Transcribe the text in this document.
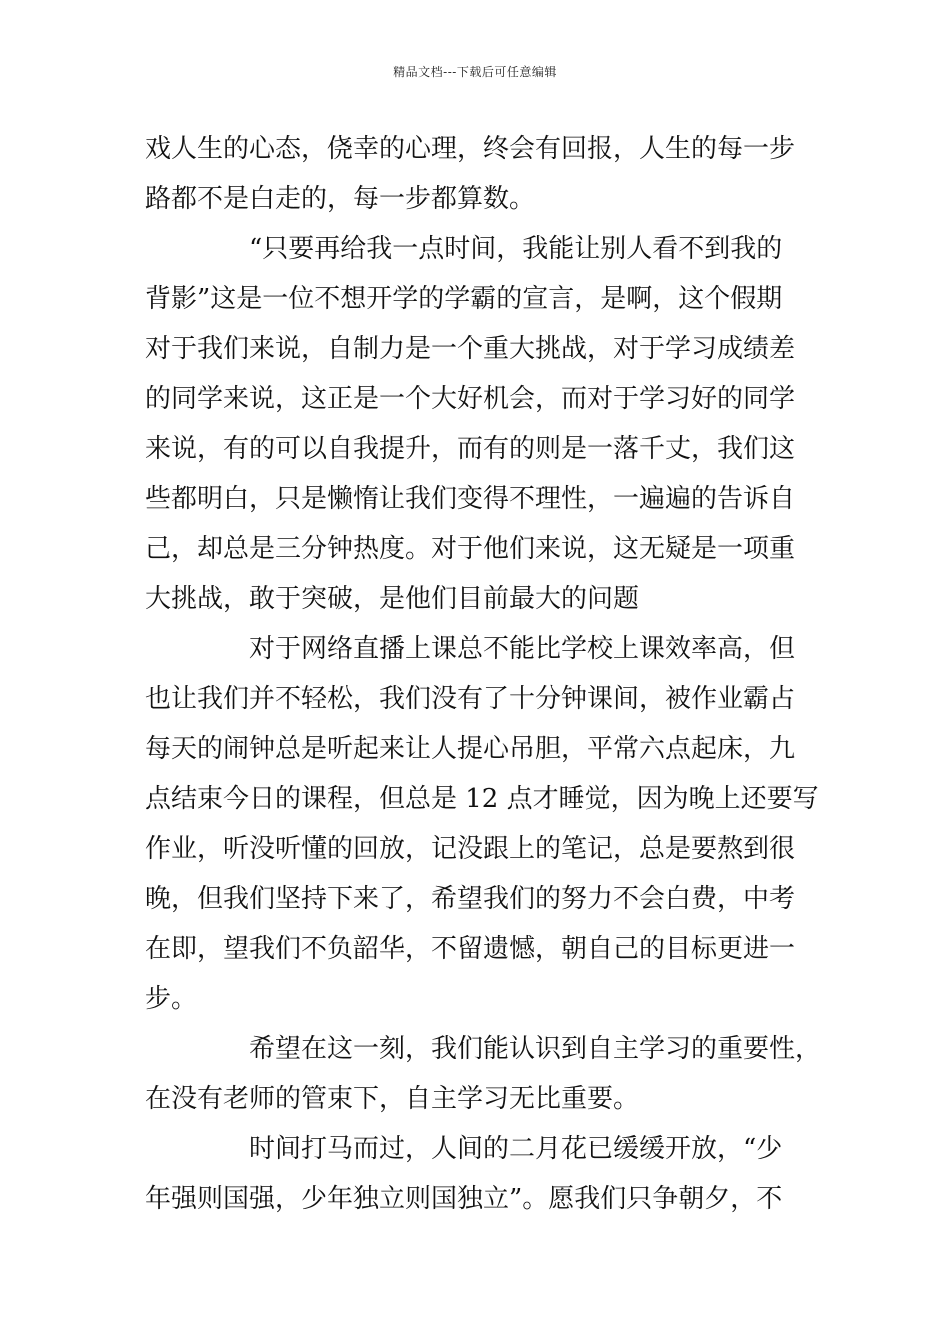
精品文档---下载后可任意编辑
戏人生的心态，侥幸的心理，终会有回报，人生的每一步
路都不是白走的，每一步都算数。
“只要再给我一点时间，我能让别人看不到我的
背影”这是一位不想开学的学霸的宣言，是啊，这个假期
对于我们来说，自制力是一个重大挑战，对于学习成绩差
的同学来说，这正是一个大好机会，而对于学习好的同学
来说，有的可以自我提升，而有的则是一落千丈，我们这
些都明白，只是懒惰让我们变得不理性，一遍遍的告诉自
己，却总是三分钟热度。对于他们来说，这无疑是一项重
大挑战，敢于突破，是他们目前最大的问题
对于网络直播上课总不能比学校上课效率高，但
也让我们并不轻松，我们没有了十分钟课间，被作业霸占
每天的闹钟总是听起来让人提心吊胆，平常六点起床，九
点结束今日的课程，但总是 12 点才睡觉，因为晚上还要写
作业，听没听懂的回放，记没跟上的笔记，总是要熬到很
晚，但我们坚持下来了，希望我们的努力不会白费，中考
在即，望我们不负韶华，不留遗憾，朝自己的目标更进一
步。
希望在这一刻，我们能认识到自主学习的重要性，
在没有老师的管束下，自主学习无比重要。
时间打马而过，人间的二月花已缓缓开放，“少
年强则国强，少年独立则国独立”。愿我们只争朝夕，不
